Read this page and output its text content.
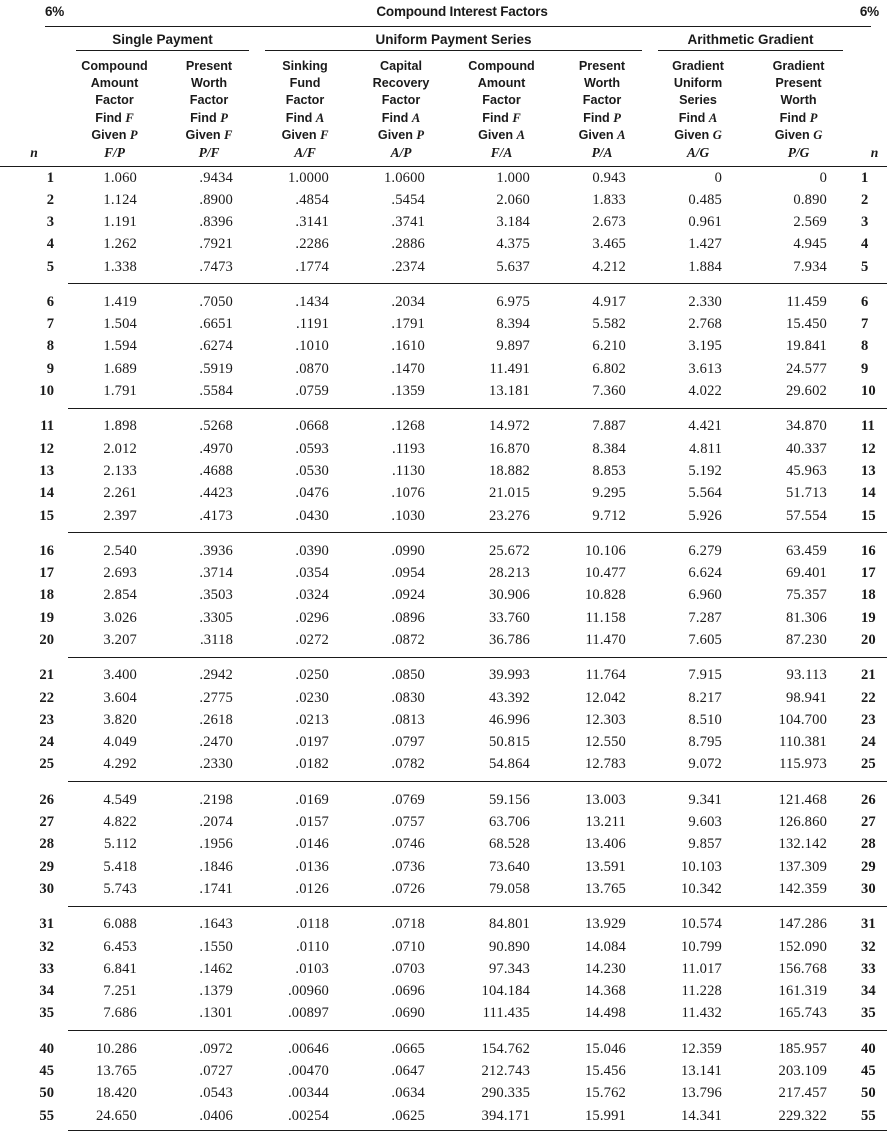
6%	Compound Interest Factors	6%

	Single Payment		Uniform Payment Series				Arithmetic Gradient		

n	Compound
Amount
Factor
Find F
Given P
F/P	Present
Worth
Factor
Find P
Given F
P/F	Sinking
Fund
Factor
Find A
Given F
A/F	Capital
Recovery
Factor
Find A
Given P
A/P	Compound
Amount
Factor
Find F
Given A
F/A	Present
Worth
Factor
Find P
Given A
P/A	Gradient
Uniform
Series
Find A
Given G
A/G	Gradient
Present
Worth
Find P
Given G
P/G	n

1	1.060	.9434	1.0000	1.0600	1.000	0.943	0	0	1
2	1.124	.8900	.4854	.5454	2.060	1.833	0.485	0.890	2
3	1.191	.8396	.3141	.3741	3.184	2.673	0.961	2.569	3
4	1.262	.7921	.2286	.2886	4.375	3.465	1.427	4.945	4
5	1.338	.7473	.1774	.2374	5.637	4.212	1.884	7.934	5

6	1.419	.7050	.1434	.2034	6.975	4.917	2.330	11.459	6
7	1.504	.6651	.1191	.1791	8.394	5.582	2.768	15.450	7
8	1.594	.6274	.1010	.1610	9.897	6.210	3.195	19.841	8
9	1.689	.5919	.0870	.1470	11.491	6.802	3.613	24.577	9
10	1.791	.5584	.0759	.1359	13.181	7.360	4.022	29.602	10

11	1.898	.5268	.0668	.1268	14.972	7.887	4.421	34.870	11
12	2.012	.4970	.0593	.1193	16.870	8.384	4.811	40.337	12
13	2.133	.4688	.0530	.1130	18.882	8.853	5.192	45.963	13
14	2.261	.4423	.0476	.1076	21.015	9.295	5.564	51.713	14
15	2.397	.4173	.0430	.1030	23.276	9.712	5.926	57.554	15

16	2.540	.3936	.0390	.0990	25.672	10.106	6.279	63.459	16
17	2.693	.3714	.0354	.0954	28.213	10.477	6.624	69.401	17
18	2.854	.3503	.0324	.0924	30.906	10.828	6.960	75.357	18
19	3.026	.3305	.0296	.0896	33.760	11.158	7.287	81.306	19
20	3.207	.3118	.0272	.0872	36.786	11.470	7.605	87.230	20

21	3.400	.2942	.0250	.0850	39.993	11.764	7.915	93.113	21
22	3.604	.2775	.0230	.0830	43.392	12.042	8.217	98.941	22
23	3.820	.2618	.0213	.0813	46.996	12.303	8.510	104.700	23
24	4.049	.2470	.0197	.0797	50.815	12.550	8.795	110.381	24
25	4.292	.2330	.0182	.0782	54.864	12.783	9.072	115.973	25

26	4.549	.2198	.0169	.0769	59.156	13.003	9.341	121.468	26
27	4.822	.2074	.0157	.0757	63.706	13.211	9.603	126.860	27
28	5.112	.1956	.0146	.0746	68.528	13.406	9.857	132.142	28
29	5.418	.1846	.0136	.0736	73.640	13.591	10.103	137.309	29
30	5.743	.1741	.0126	.0726	79.058	13.765	10.342	142.359	30

31	6.088	.1643	.0118	.0718	84.801	13.929	10.574	147.286	31
32	6.453	.1550	.0110	.0710	90.890	14.084	10.799	152.090	32
33	6.841	.1462	.0103	.0703	97.343	14.230	11.017	156.768	33
34	7.251	.1379	.00960	.0696	104.184	14.368	11.228	161.319	34
35	7.686	.1301	.00897	.0690	111.435	14.498	11.432	165.743	35

40	10.286	.0972	.00646	.0665	154.762	15.046	12.359	185.957	40
45	13.765	.0727	.00470	.0647	212.743	15.456	13.141	203.109	45
50	18.420	.0543	.00344	.0634	290.335	15.762	13.796	217.457	50
55	24.650	.0406	.00254	.0625	394.171	15.991	14.341	229.322	55
